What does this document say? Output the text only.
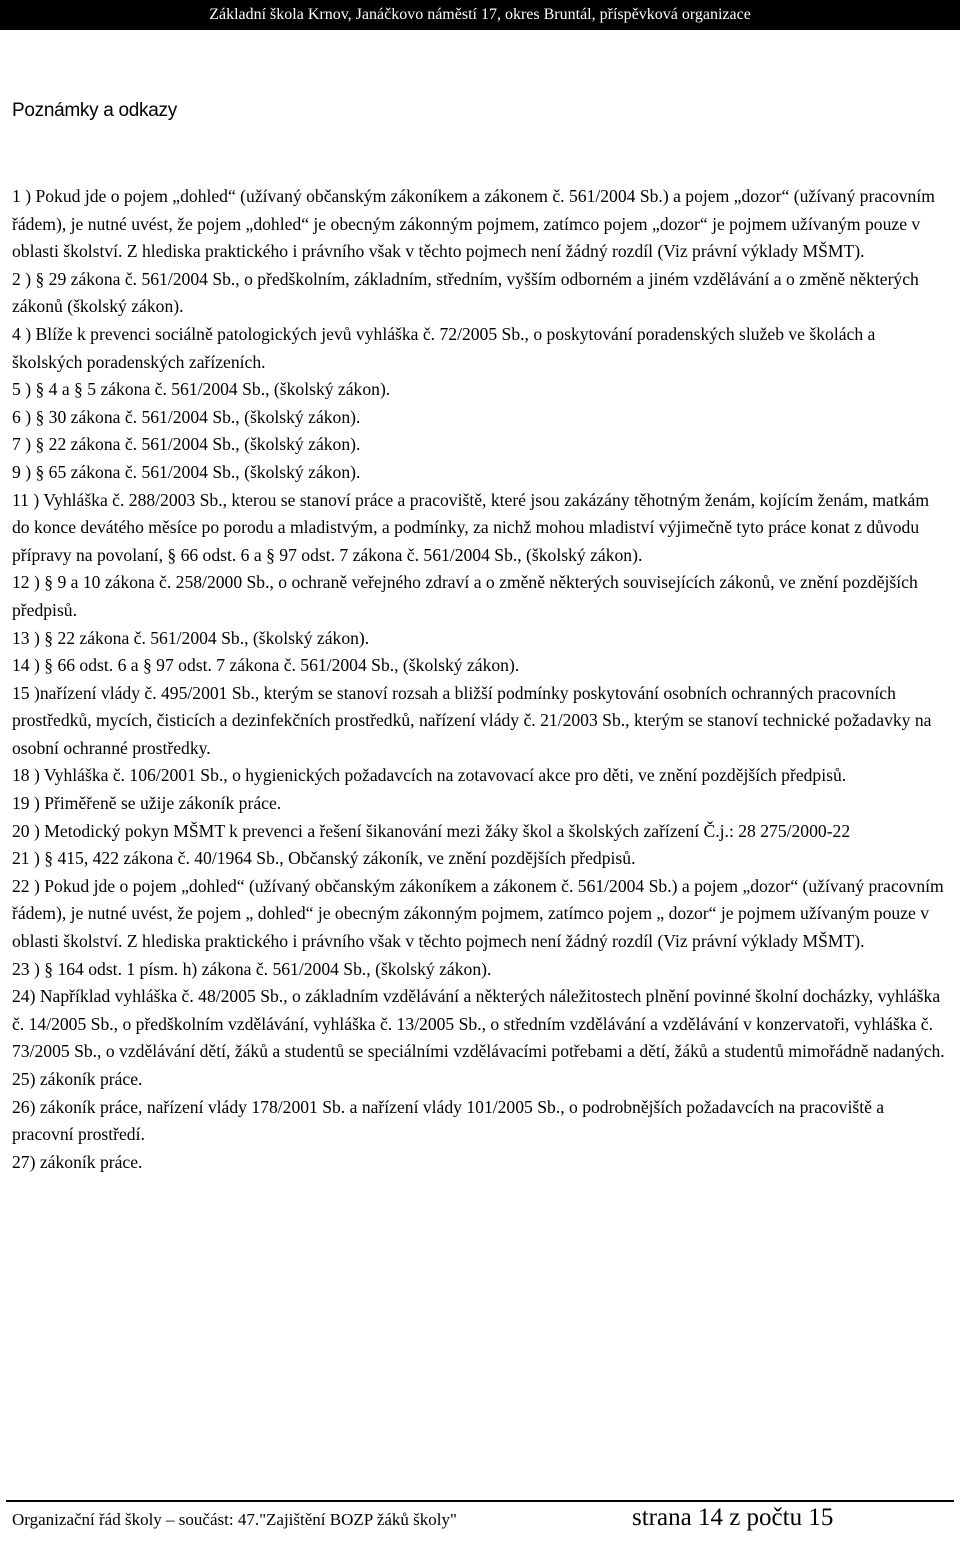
Základní škola Krnov, Janáčkovo náměstí 17, okres Bruntál, příspěvková organizace
Poznámky a odkazy

1 ) Pokud jde o pojem „dohled“ (užívaný občanským zákoníkem a zákonem č. 561/2004 Sb.) a pojem „dozor“ (užívaný pracovním řádem), je nutné uvést, že pojem „dohled“ je obecným zákonným pojmem, zatímco pojem „dozor“ je pojmem užívaným pouze v oblasti školství. Z hlediska praktického i právního však v těchto pojmech není žádný rozdíl (Viz právní výklady MŠMT).

2 ) § 29 zákona č. 561/2004 Sb., o předškolním, základním, středním, vyšším odborném a jiném vzdělávání a o změně některých zákonů (školský zákon).

4 ) Blíže k prevenci sociálně patologických jevů vyhláška č. 72/2005 Sb., o poskytování poradenských služeb ve školách a školských poradenských zařízeních.

5 ) § 4 a § 5 zákona č. 561/2004 Sb., (školský zákon).

6 ) § 30 zákona č. 561/2004 Sb., (školský zákon).

7 ) § 22 zákona č. 561/2004 Sb., (školský zákon).

9 ) § 65 zákona č. 561/2004 Sb., (školský zákon).

11 ) Vyhláška č. 288/2003 Sb., kterou se stanoví práce a pracoviště, které jsou zakázány těhotným ženám, kojícím ženám, matkám do konce devátého měsíce po porodu a mladistvým, a podmínky, za nichž mohou mladiství výjimečně tyto práce konat z důvodu přípravy na povolaní, § 66 odst. 6 a § 97 odst. 7 zákona č. 561/2004 Sb., (školský zákon).

12 ) § 9 a 10 zákona č. 258/2000 Sb., o ochraně veřejného zdraví a o změně některých souvisejících zákonů, ve znění pozdějších předpisů.

13 ) § 22 zákona č. 561/2004 Sb., (školský zákon).

14 ) § 66 odst. 6 a § 97 odst. 7 zákona č. 561/2004 Sb., (školský zákon).

15 )nařízení vlády č. 495/2001 Sb., kterým se stanoví rozsah a bližší podmínky poskytování osobních ochranných pracovních prostředků, mycích, čisticích a dezinfekčních prostředků, nařízení vlády č. 21/2003 Sb., kterým se stanoví technické požadavky na osobní ochranné prostředky.

18 ) Vyhláška č. 106/2001 Sb., o hygienických požadavcích na zotavovací akce pro děti, ve znění pozdějších předpisů.

19 ) Přiměřeně se užije zákoník práce.

20 ) Metodický pokyn MŠMT k prevenci a řešení šikanování mezi žáky škol a školských zařízení Č.j.: 28 275/2000-22

21 ) § 415, 422 zákona č. 40/1964 Sb., Občanský zákoník, ve znění pozdějších předpisů.

22 ) Pokud jde o pojem „dohled“ (užívaný občanským zákoníkem a zákonem č. 561/2004 Sb.) a pojem „dozor“ (užívaný pracovním řádem), je nutné uvést, že pojem „ dohled“ je obecným zákonným pojmem, zatímco pojem „ dozor“ je pojmem užívaným pouze v oblasti školství. Z hlediska praktického i právního však v těchto pojmech není žádný rozdíl (Viz právní výklady MŠMT).

23 ) § 164 odst. 1 písm. h) zákona č. 561/2004 Sb., (školský zákon).

24) Například vyhláška č. 48/2005 Sb., o základním vzdělávání a některých náležitostech plnění povinné školní docházky, vyhláška č. 14/2005 Sb., o předškolním vzdělávání, vyhláška č. 13/2005 Sb., o středním vzdělávání a vzdělávání v konzervatoři, vyhláška č. 73/2005 Sb., o vzdělávání dětí, žáků a studentů se speciálními vzdělávacími potřebami a dětí, žáků a studentů mimořádně nadaných.

25) zákoník práce.

26) zákoník práce, nařízení vlády 178/2001 Sb. a nařízení vlády 101/2005 Sb., o podrobnějších požadavcích na pracoviště a pracovní prostředí.

27) zákoník práce.

Organizační řád školy – součást: 47."Zajištění BOZP žáků školy"	strana 14 z počtu 15
